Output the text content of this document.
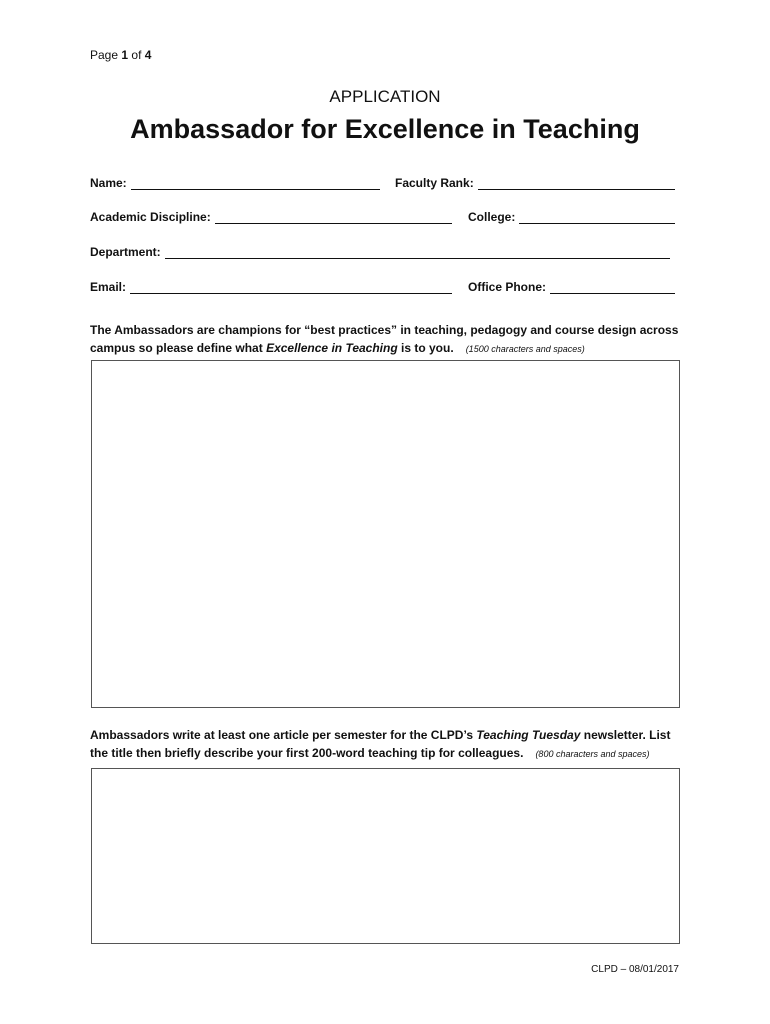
Page 1 of 4
APPLICATION
Ambassador for Excellence in Teaching
Name:	Faculty Rank:
Academic Discipline:	College:
Department:
Email:	Office Phone:
The Ambassadors are champions for “best practices” in teaching, pedagogy and course design across campus so please define what Excellence in Teaching is to you. (1500 characters and spaces)
Ambassadors write at least one article per semester for the CLPD’s Teaching Tuesday newsletter. List the title then briefly describe your first 200-word teaching tip for colleagues. (800 characters and spaces)
CLPD – 08/01/2017
